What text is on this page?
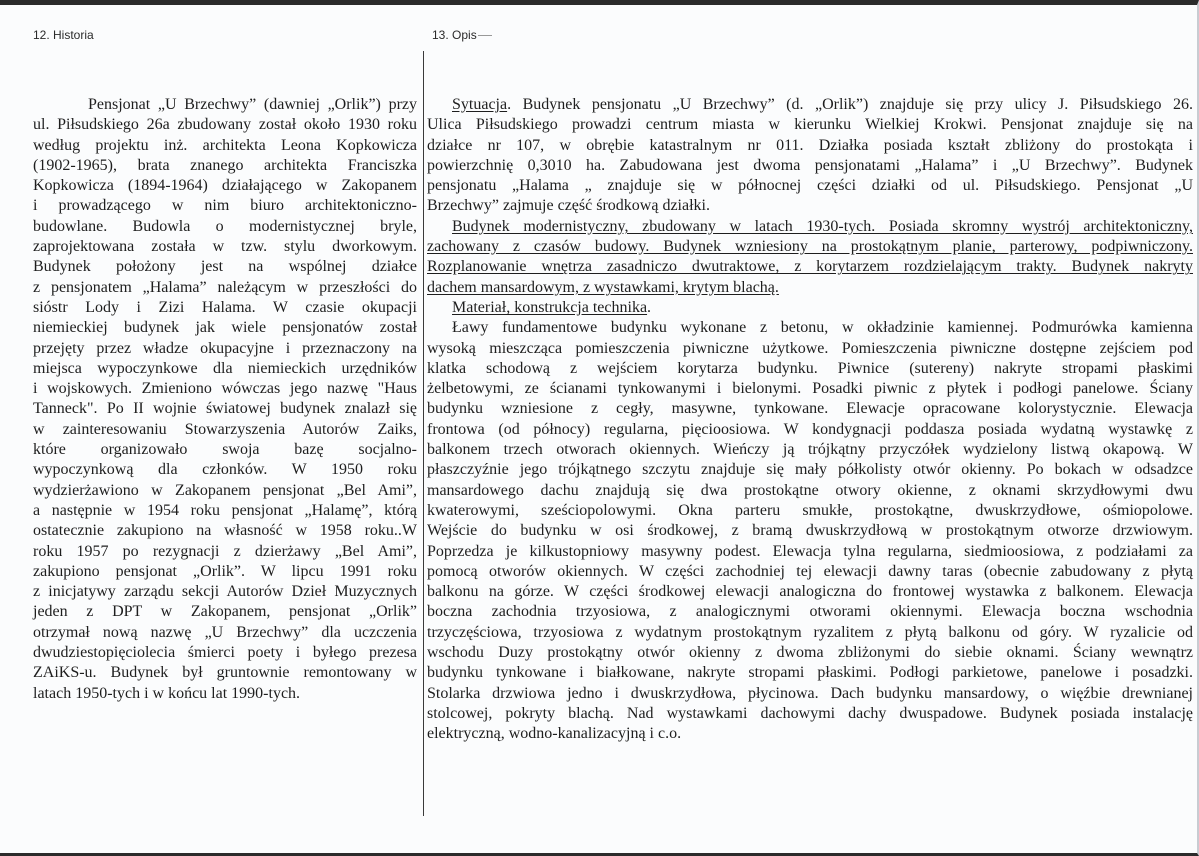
12. Historia
Pensjonat „U Brzechwy” (dawniej „Orlik”) przy
ul. Piłsudskiego 26a zbudowany został około 1930 roku
według projektu inż. architekta Leona Kopkowicza
(1902-1965), brata znanego architekta Franciszka
Kopkowicza (1894-1964) działającego w Zakopanem
i prowadzącego w nim biuro architektoniczno-
budowlane. Budowla o modernistycznej bryle,
zaprojektowana została w tzw. stylu dworkowym.
Budynek położony jest na wspólnej działce
z pensjonatem „Halama” należącym w przeszłości do
sióstr Lody i Zizi Halama. W czasie okupacji
niemieckiej budynek jak wiele pensjonatów został
przejęty przez władze okupacyjne i przeznaczony na
miejsca wypoczynkowe dla niemieckich urzędników
i wojskowych. Zmieniono wówczas jego nazwę "Haus
Tanneck". Po II wojnie światowej budynek znalazł się
w zainteresowaniu Stowarzyszenia Autorów Zaiks,
które organizowało swoja bazę socjalno-
wypoczynkową dla członków. W 1950 roku
wydzierżawiono w Zakopanem pensjonat „Bel Ami”,
a następnie w 1954 roku pensjonat „Halamę”, którą
ostatecznie zakupiono na własność w 1958 roku..W
roku 1957 po rezygnacji z dzierżawy „Bel Ami”,
zakupiono pensjonat „Orlik”. W lipcu 1991 roku
z inicjatywy zarządu sekcji Autorów Dzieł Muzycznych
jeden z DPT w Zakopanem, pensjonat „Orlik”
otrzymał nową nazwę „U Brzechwy” dla uczczenia
dwudziestopięciolecia śmierci poety i byłego prezesa
ZAiKS-u. Budynek był gruntownie remontowany w
latach 1950-tych i w końcu lat 1990-tych.
13. Opis
Sytuacja. Budynek pensjonatu „U Brzechwy” (d. „Orlik”) znajduje się przy ulicy J. Piłsudskiego 26.
Ulica Piłsudskiego prowadzi centrum miasta w kierunku Wielkiej Krokwi. Pensjonat znajduje się na
działce nr 107, w obrębie katastralnym nr 011. Działka posiada kształt zbliżony do prostokąta i
powierzchnię 0,3010 ha. Zabudowana jest dwoma pensjonatami „Halama” i „U Brzechwy”. Budynek
pensjonatu „Halama „ znajduje się w północnej części działki od ul. Piłsudskiego. Pensjonat „U
Brzechwy” zajmuje część środkową działki.
Budynek modernistyczny, zbudowany w latach 1930-tych. Posiada skromny wystrój architektoniczny,
zachowany z czasów budowy. Budynek wzniesiony na prostokątnym planie, parterowy, podpiwniczony.
Rozplanowanie wnętrza zasadniczo dwutraktowe, z korytarzem rozdzielającym trakty. Budynek nakryty
dachem mansardowym, z wystawkami, krytym blachą.
Materiał, konstrukcja technika.
Ławy fundamentowe budynku wykonane z betonu, w okładzinie kamiennej. Podmurówka kamienna
wysoką mieszcząca pomieszczenia piwniczne użytkowe. Pomieszczenia piwniczne dostępne zejściem pod
klatka schodową z wejściem korytarza budynku. Piwnice (sutereny) nakryte stropami płaskimi
żelbetowymi, ze ścianami tynkowanymi i bielonymi. Posadki piwnic z płytek i podłogi panelowe. Ściany
budynku wzniesione z cegły, masywne, tynkowane. Elewacje opracowane kolorystycznie. Elewacja
frontowa (od północy) regularna, pięcioosiowa. W kondygnacji poddasza posiada wydatną wystawkę z
balkonem trzech otworach okiennych. Wieńczy ją trójkątny przyczółek wydzielony listwą okapową. W
płaszczyźnie jego trójkątnego szczytu znajduje się mały półkolisty otwór okienny. Po bokach w odsadzce
mansardowego dachu znajdują się dwa prostokątne otwory okienne, z oknami skrzydłowymi dwu
kwaterowymi, sześciopolowymi. Okna parteru smukłe, prostokątne, dwuskrzydłowe, ośmiopolowe.
Wejście do budynku w osi środkowej, z bramą dwuskrzydłową w prostokątnym otworze drzwiowym.
Poprzedza je kilkustopniowy masywny podest. Elewacja tylna regularna, siedmioosiowa, z podziałami za
pomocą otworów okiennych. W części zachodniej tej elewacji dawny taras (obecnie zabudowany z płytą
balkonu na górze. W części środkowej elewacji analogiczna do frontowej wystawka z balkonem. Elewacja
boczna zachodnia trzyosiowa, z analogicznymi otworami okiennymi. Elewacja boczna wschodnia
trzyczęściowa, trzyosiowa z wydatnym prostokątnym ryzalitem z płytą balkonu od góry. W ryzalicie od
wschodu Duzy prostokątny otwór okienny z dwoma zbliżonymi do siebie oknami. Ściany wewnątrz
budynku tynkowane i białkowane, nakryte stropami płaskimi. Podłogi parkietowe, panelowe i posadzki.
Stolarka drzwiowa jedno i dwuskrzydłowa, płycinowa. Dach budynku mansardowy, o więźbie drewnianej
stolcowej, pokryty blachą. Nad wystawkami dachowymi dachy dwuspadowe. Budynek posiada instalację
elektryczną, wodno-kanalizacyjną i c.o.
